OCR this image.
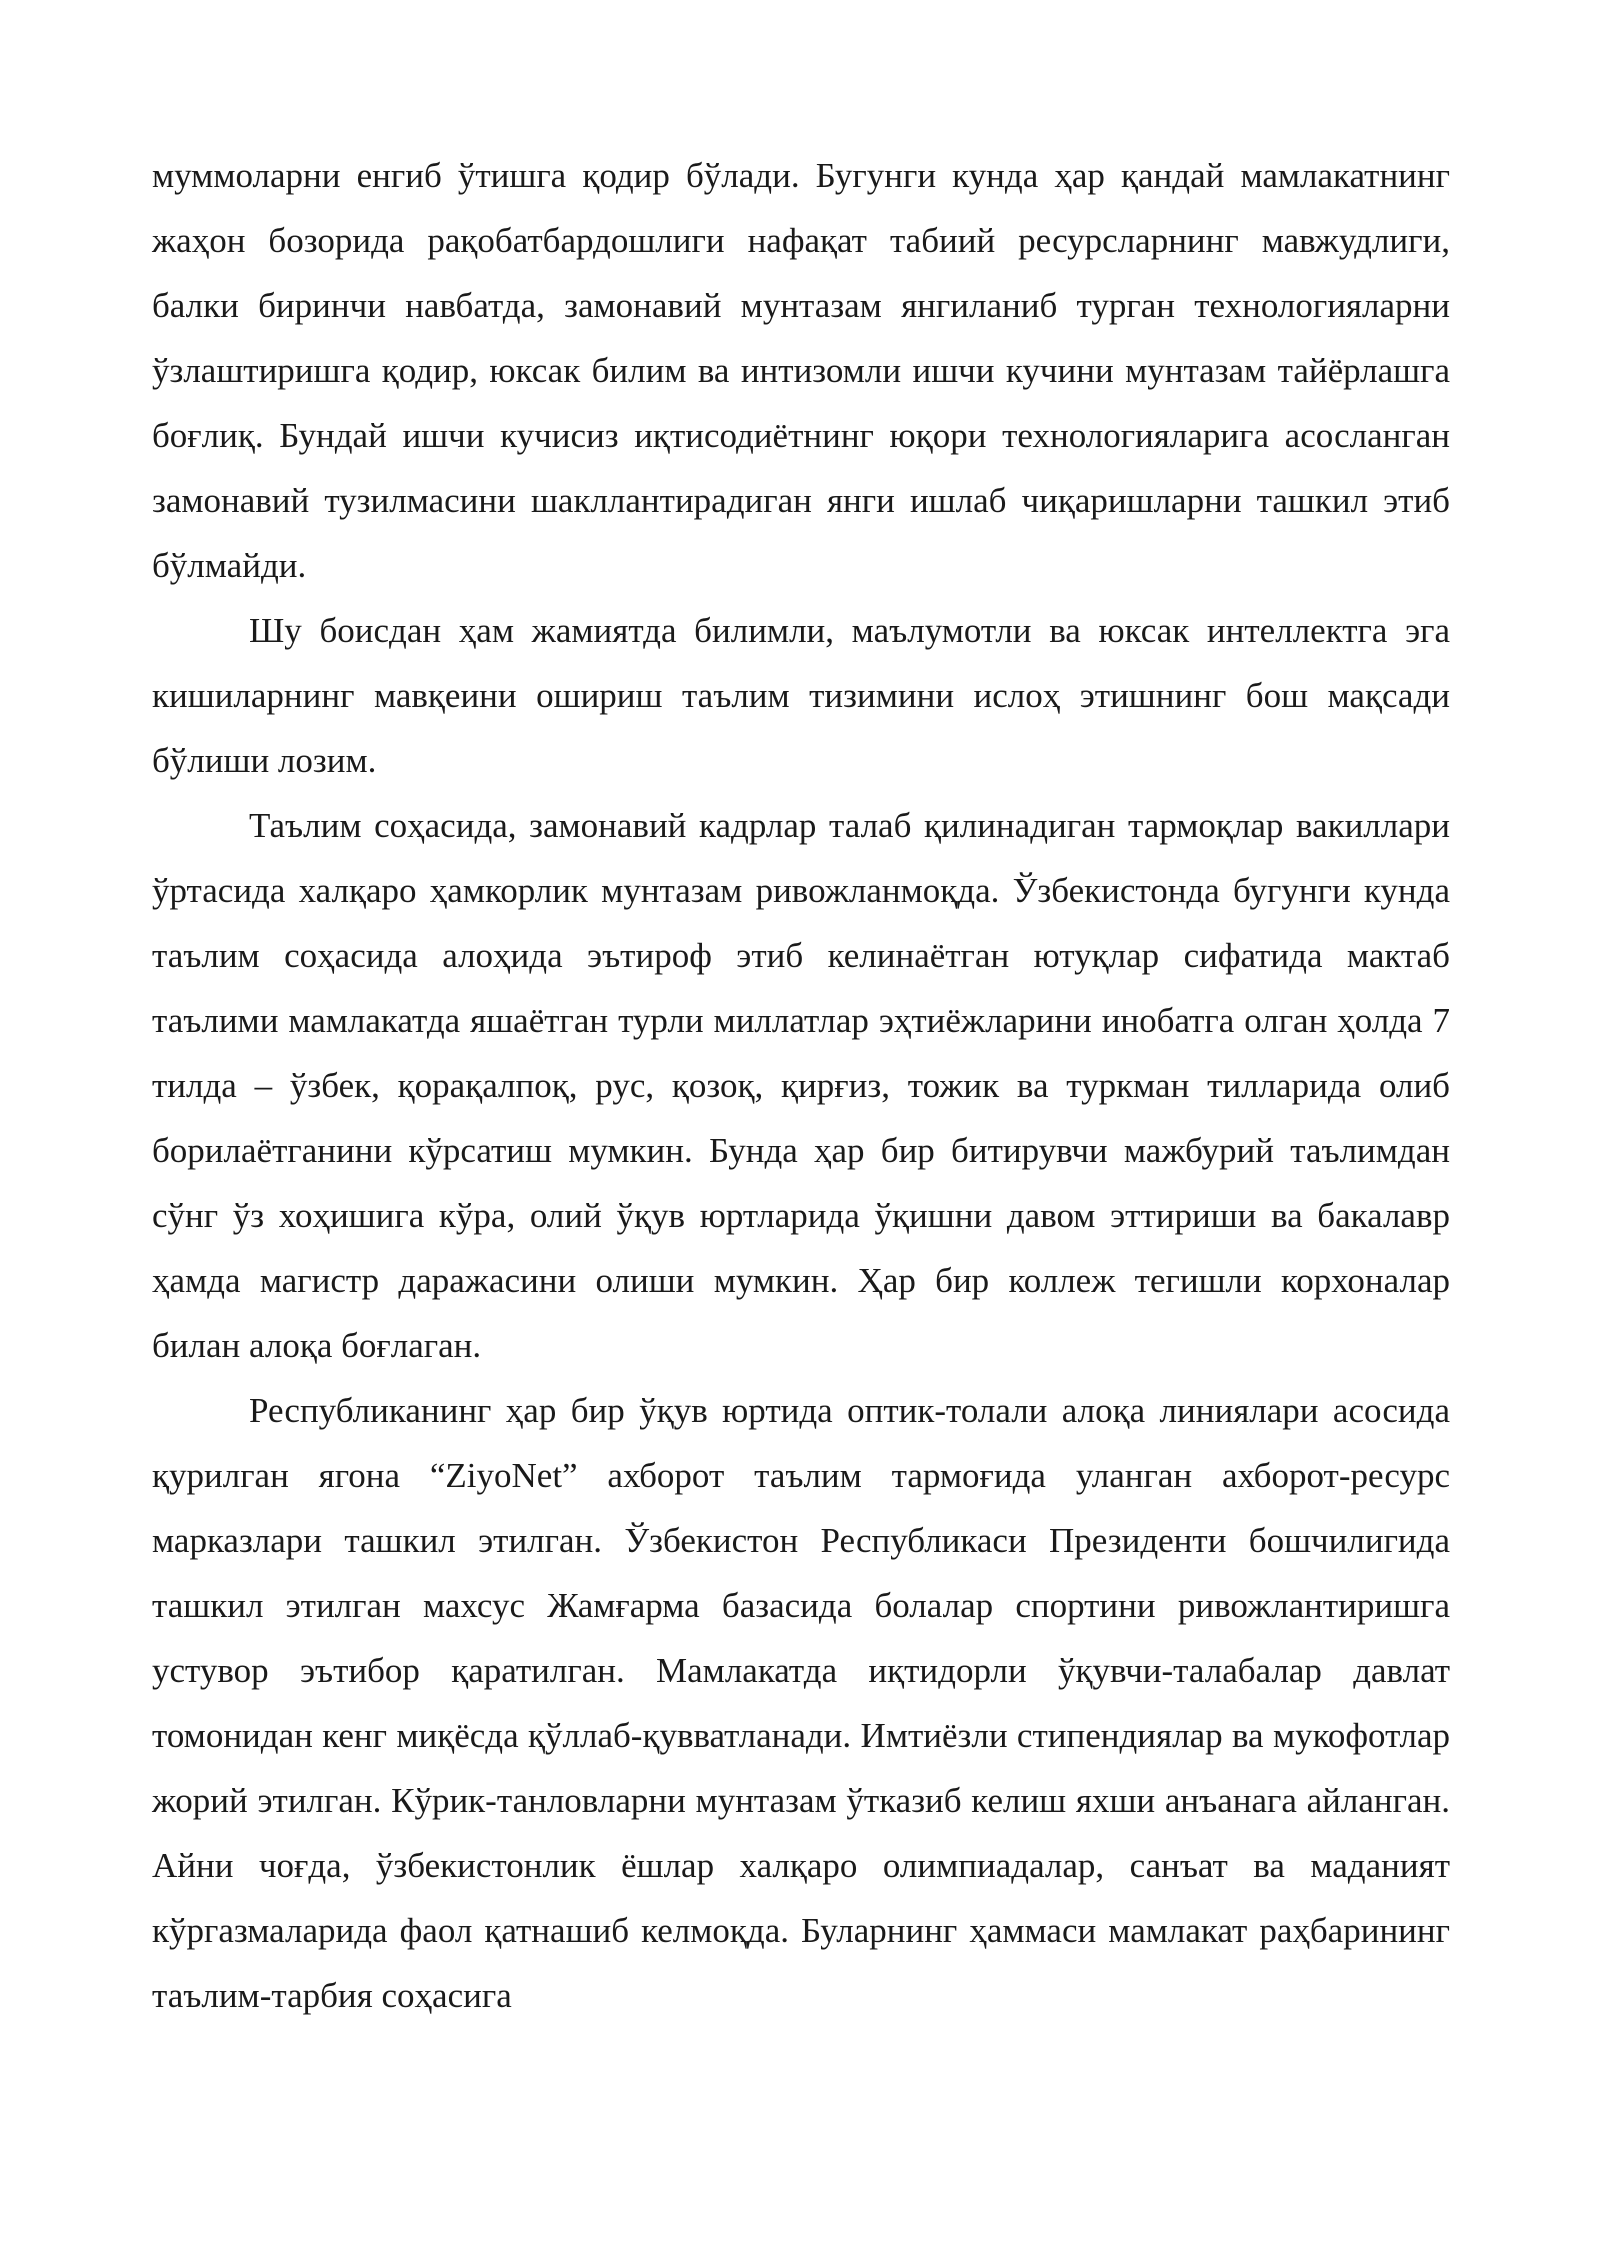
муммоларни енгиб ўтишга қодир бўлади. Бугунги кунда ҳар қандай мамлакатнинг жаҳон бозорида рақобатбардошлиги нафақат табиий ресурсларнинг мавжудлиги, балки биринчи навбатда, замонавий мунтазам янгиланиб турган технологияларни ўзлаштиришга қодир, юксак билим ва интизомли ишчи кучини мунтазам тайёрлашга боғлиқ. Бундай ишчи кучисиз иқтисодиётнинг юқори технологияларига асосланган замонавий тузилмасини шакллантирадиган янги ишлаб чиқаришларни ташкил этиб бўлмайди.

Шу боисдан ҳам жамиятда билимли, маълумотли ва юксак интеллектга эга кишиларнинг мавқеини ошириш таълим тизимини ислоҳ этишнинг бош мақсади бўлиши лозим.

Таълим соҳасида, замонавий кадрлар талаб қилинадиган тармоқлар вакиллари ўртасида халқаро ҳамкорлик мунтазам ривожланмоқда. Ўзбекистонда бугунги кунда таълим соҳасида алоҳида эътироф этиб келинаётган ютуқлар сифатида мактаб таълими мамлакатда яшаётган турли миллатлар эҳтиёжларини инобатга олган ҳолда 7 тилда – ўзбек, қорақалпоқ, рус, қозоқ, қирғиз, тожик ва туркман тилларида олиб борилаётганини кўрсатиш мумкин. Бунда ҳар бир битирувчи мажбурий таълимдан сўнг ўз хоҳишига кўра, олий ўқув юртларида ўқишни давом эттириши ва бакалавр ҳамда магистр даражасини олиши мумкин. Ҳар бир коллеж тегишли корхоналар билан алоқа боғлаган.

Республиканинг ҳар бир ўқув юртида оптик-толали алоқа линиялари асосида қурилган ягона “ZiyoNet” ахборот таълим тармоғида уланган ахборот-ресурс марказлари ташкил этилган. Ўзбекистон Республикаси Президенти бошчилигида ташкил этилган махсус Жамғарма базасида болалар спортини ривожлантиришга устувор эътибор қаратилган. Мамлакатда иқтидорли ўқувчи-талабалар давлат томонидан кенг миқёсда қўллаб-қувватланади. Имтиёзли стипендиялар ва мукофотлар жорий этилган. Кўрик-танловларни мунтазам ўтказиб келиш яхши анъанага айланган. Айни чоғда, ўзбекистонлик ёшлар халқаро олимпиадалар, санъат ва маданият кўргазмаларида фаол қатнашиб келмоқда. Буларнинг ҳаммаси мамлакат раҳбарининг таълим-тарбия соҳасига
